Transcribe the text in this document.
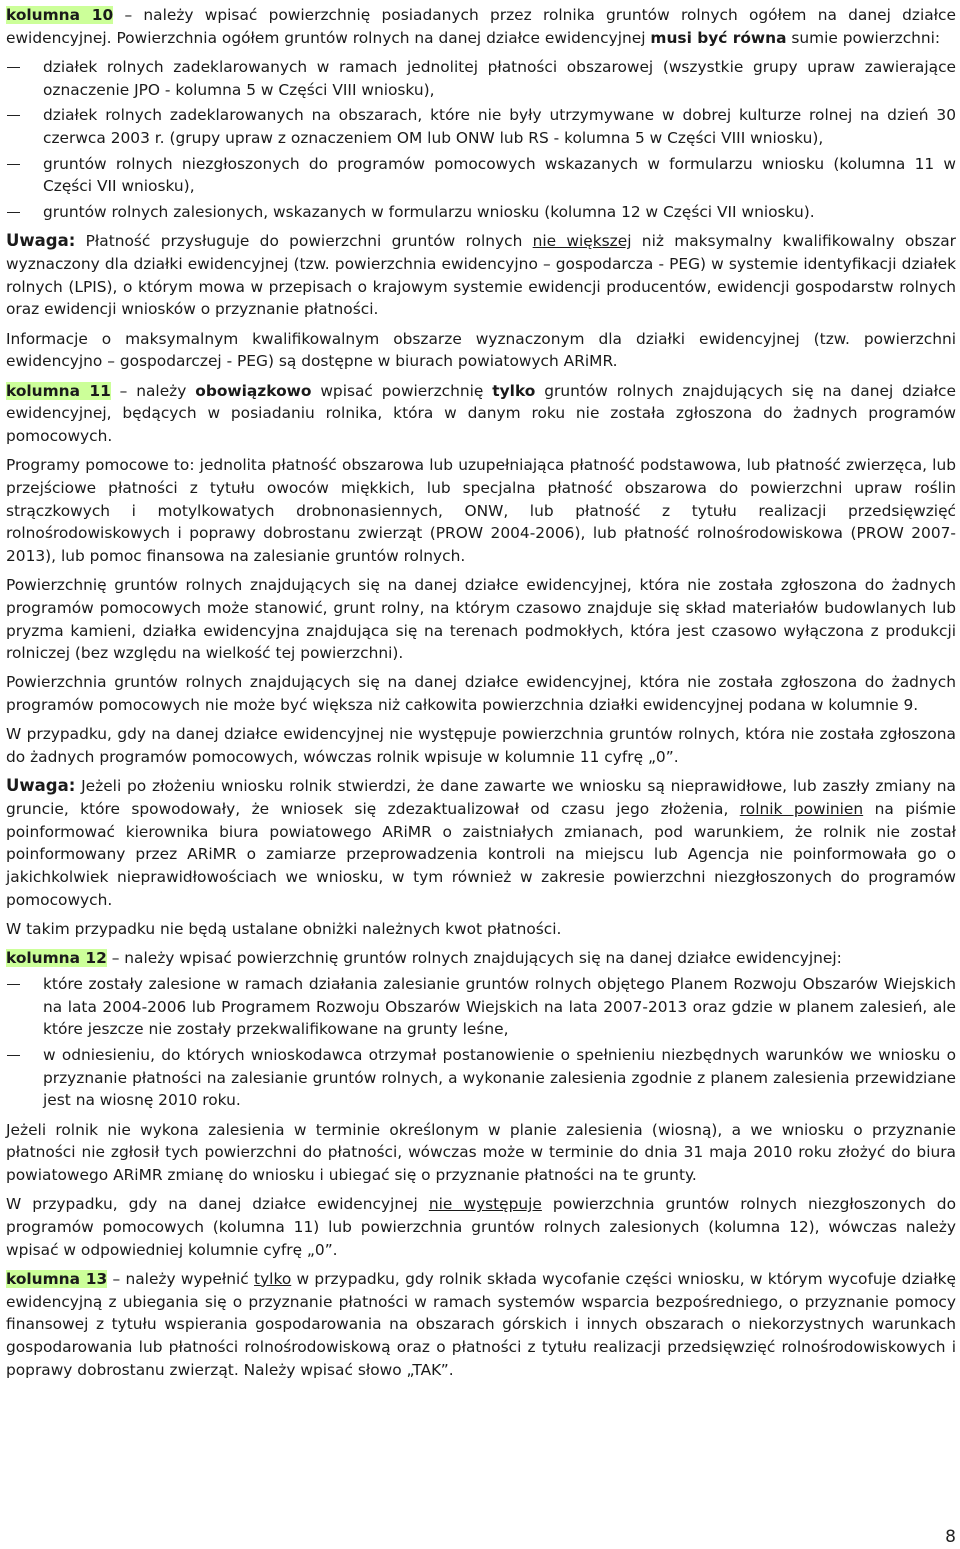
kolumna 10 – należy wpisać powierzchnię posiadanych przez rolnika gruntów rolnych ogółem na danej działce ewidencyjnej. Powierzchnia ogółem gruntów rolnych na danej działce ewidencyjnej musi być równa sumie powierzchni:

działek rolnych zadeklarowanych w ramach jednolitej płatności obszarowej (wszystkie grupy upraw zawierające oznaczenie JPO - kolumna 5 w Części VIII wniosku),
działek rolnych zadeklarowanych na obszarach, które nie były utrzymywane w dobrej kulturze rolnej na dzień 30 czerwca 2003 r. (grupy upraw z oznaczeniem OM lub ONW lub RS - kolumna 5 w Części VIII wniosku),
gruntów rolnych niezgłoszonych do programów pomocowych wskazanych w formularzu wniosku (kolumna 11 w Części VII wniosku),
gruntów rolnych zalesionych, wskazanych w formularzu wniosku (kolumna 12 w Części VII wniosku).

Uwaga: Płatność przysługuje do powierzchni gruntów rolnych nie większej niż maksymalny kwalifikowalny obszar wyznaczony dla działki ewidencyjnej (tzw. powierzchnia ewidencyjno – gospodarcza - PEG) w systemie identyfikacji działek rolnych (LPIS), o którym mowa w przepisach o krajowym systemie ewidencji producentów, ewidencji gospodarstw rolnych oraz ewidencji wniosków o przyznanie płatności.

Informacje o maksymalnym kwalifikowalnym obszarze wyznaczonym dla działki ewidencyjnej (tzw. powierzchni ewidencyjno – gospodarczej - PEG) są dostępne w biurach powiatowych ARiMR.

kolumna 11 – należy obowiązkowo wpisać powierzchnię tylko gruntów rolnych znajdujących się na danej działce ewidencyjnej, będących w posiadaniu rolnika, która w danym roku nie została zgłoszona do żadnych programów pomocowych.

Programy pomocowe to: jednolita płatność obszarowa lub uzupełniająca płatność podstawowa, lub płatność zwierzęca, lub przejściowe płatności z tytułu owoców miękkich, lub specjalna płatność obszarowa do powierzchni upraw roślin strączkowych i motylkowatych drobnonasiennych, ONW, lub płatność z tytułu realizacji przedsięwzięć rolnośrodowiskowych i poprawy dobrostanu zwierząt (PROW 2004-2006), lub płatność rolnośrodowiskowa (PROW 2007-2013), lub pomoc finansowa na zalesianie gruntów rolnych.

Powierzchnię gruntów rolnych znajdujących się na danej działce ewidencyjnej, która nie została zgłoszona do żadnych programów pomocowych może stanowić, grunt rolny, na którym czasowo znajduje się skład materiałów budowlanych lub pryzma kamieni, działka ewidencyjna znajdująca się na terenach podmokłych, która jest czasowo wyłączona z produkcji rolniczej (bez względu na wielkość tej powierzchni).

Powierzchnia gruntów rolnych znajdujących się na danej działce ewidencyjnej, która nie została zgłoszona do żadnych programów pomocowych nie może być większa niż całkowita powierzchnia działki ewidencyjnej podana w kolumnie 9.

W przypadku, gdy na danej działce ewidencyjnej nie występuje powierzchnia gruntów rolnych, która nie została zgłoszona do żadnych programów pomocowych, wówczas rolnik wpisuje w kolumnie 11 cyfrę „0”.

Uwaga: Jeżeli po złożeniu wniosku rolnik stwierdzi, że dane zawarte we wniosku są nieprawidłowe, lub zaszły zmiany na gruncie, które spowodowały, że wniosek się zdezaktualizował od czasu jego złożenia, rolnik powinien na piśmie poinformować kierownika biura powiatowego ARiMR o zaistniałych zmianach, pod warunkiem, że rolnik nie został poinformowany przez ARiMR o zamiarze przeprowadzenia kontroli na miejscu lub Agencja nie poinformowała go o jakichkolwiek nieprawidłowościach we wniosku, w tym również w zakresie powierzchni niezgłoszonych do programów pomocowych.

W takim przypadku nie będą ustalane obniżki należnych kwot płatności.

kolumna 12 – należy wpisać powierzchnię gruntów rolnych znajdujących się na danej działce ewidencyjnej:

które zostały zalesione w ramach działania zalesianie gruntów rolnych objętego Planem Rozwoju Obszarów Wiejskich na lata 2004-2006 lub Programem Rozwoju Obszarów Wiejskich na lata 2007-2013 oraz gdzie w planem zalesień, ale które jeszcze nie zostały przekwalifikowane na grunty leśne,
w odniesieniu, do których wnioskodawca otrzymał postanowienie o spełnieniu niezbędnych warunków we wniosku o przyznanie płatności na zalesianie gruntów rolnych, a wykonanie zalesienia zgodnie z planem zalesienia przewidziane jest na wiosnę 2010 roku.

Jeżeli rolnik nie wykona zalesienia w terminie określonym w planie zalesienia (wiosną), a we wniosku o przyznanie płatności nie zgłosił tych powierzchni do płatności, wówczas może w terminie do dnia 31 maja 2010 roku złożyć do biura powiatowego ARiMR zmianę do wniosku i ubiegać się o przyznanie płatności na te grunty.

W przypadku, gdy na danej działce ewidencyjnej nie występuje powierzchnia gruntów rolnych niezgłoszonych do programów pomocowych (kolumna 11) lub powierzchnia gruntów rolnych zalesionych (kolumna 12), wówczas należy wpisać w odpowiedniej kolumnie cyfrę „0”.

kolumna 13 – należy wypełnić tylko w przypadku, gdy rolnik składa wycofanie części wniosku, w którym wycofuje działkę ewidencyjną z ubiegania się o przyznanie płatności w ramach systemów wsparcia bezpośredniego, o przyznanie pomocy finansowej z tytułu wspierania gospodarowania na obszarach górskich i innych obszarach o niekorzystnych warunkach gospodarowania lub płatności rolnośrodowiskową oraz o płatności z tytułu realizacji przedsięwzięć rolnośrodowiskowych i poprawy dobrostanu zwierząt. Należy wpisać słowo „TAK”.

8
